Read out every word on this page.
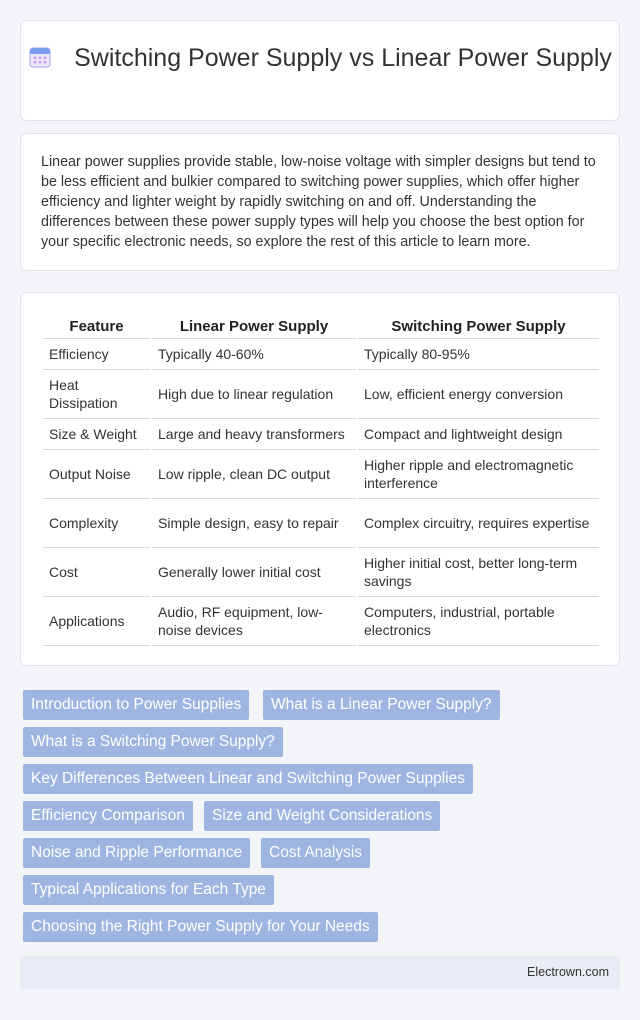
Switching Power Supply vs Linear Power Supply

Linear power supplies provide stable, low-noise voltage with simpler designs but tend to be less efficient and bulkier compared to switching power supplies, which offer higher efficiency and lighter weight by rapidly switching on and off. Understanding the differences between these power supply types will help you choose the best option for your specific electronic needs, so explore the rest of this article to learn more.

Feature	Linear Power Supply	Switching Power Supply
Efficiency	Typically 40-60%	Typically 80-95%
Heat Dissipation	High due to linear regulation	Low, efficient energy conversion
Size & Weight	Large and heavy transformers	Compact and lightweight design
Output Noise	Low ripple, clean DC output	Higher ripple and electromagnetic interference
Complexity	Simple design, easy to repair	Complex circuitry, requires expertise
Cost	Generally lower initial cost	Higher initial cost, better long-term savings
Applications	Audio, RF equipment, low-noise devices	Computers, industrial, portable electronics
Introduction to Power Supplies	What is a Linear Power Supply?
What is a Switching Power Supply?
Key Differences Between Linear and Switching Power Supplies
Efficiency Comparison	Size and Weight Considerations
Noise and Ripple Performance	Cost Analysis
Typical Applications for Each Type
Choosing the Right Power Supply for Your Needs
Electrown.com
